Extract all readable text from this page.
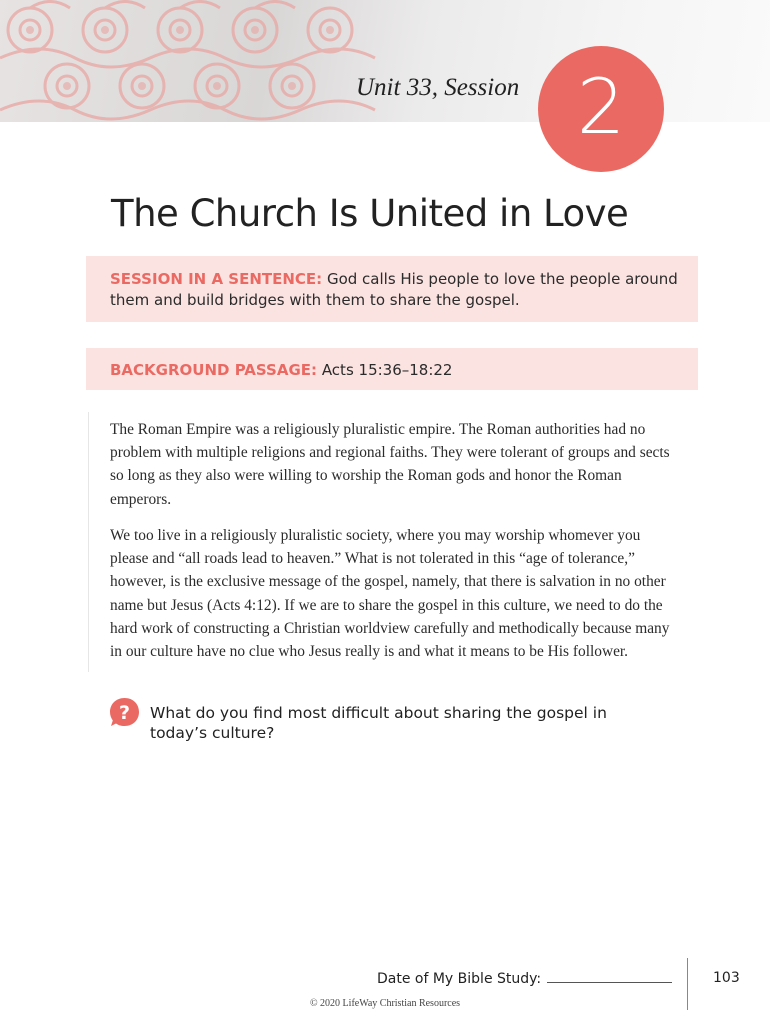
Unit 33, Session 2
The Church Is United in Love
SESSION IN A SENTENCE: God calls His people to love the people around them and build bridges with them to share the gospel.
BACKGROUND PASSAGE: Acts 15:36–18:22

The Roman Empire was a religiously pluralistic empire. The Roman authorities had no problem with multiple religions and regional faiths. They were tolerant of groups and sects so long as they also were willing to worship the Roman gods and honor the Roman emperors.

We too live in a religiously pluralistic society, where you may worship whomever you please and “all roads lead to heaven.” What is not tolerated in this “age of tolerance,” however, is the exclusive message of the gospel, namely, that there is salvation in no other name but Jesus (Acts 4:12). If we are to share the gospel in this culture, we need to do the hard work of constructing a Christian worldview carefully and methodically because many in our culture have no clue who Jesus really is and what it means to be His follower.

? What do you find most difficult about sharing the gospel in today’s culture?
Date of My Bible Study:	103
© 2020 LifeWay Christian Resources
